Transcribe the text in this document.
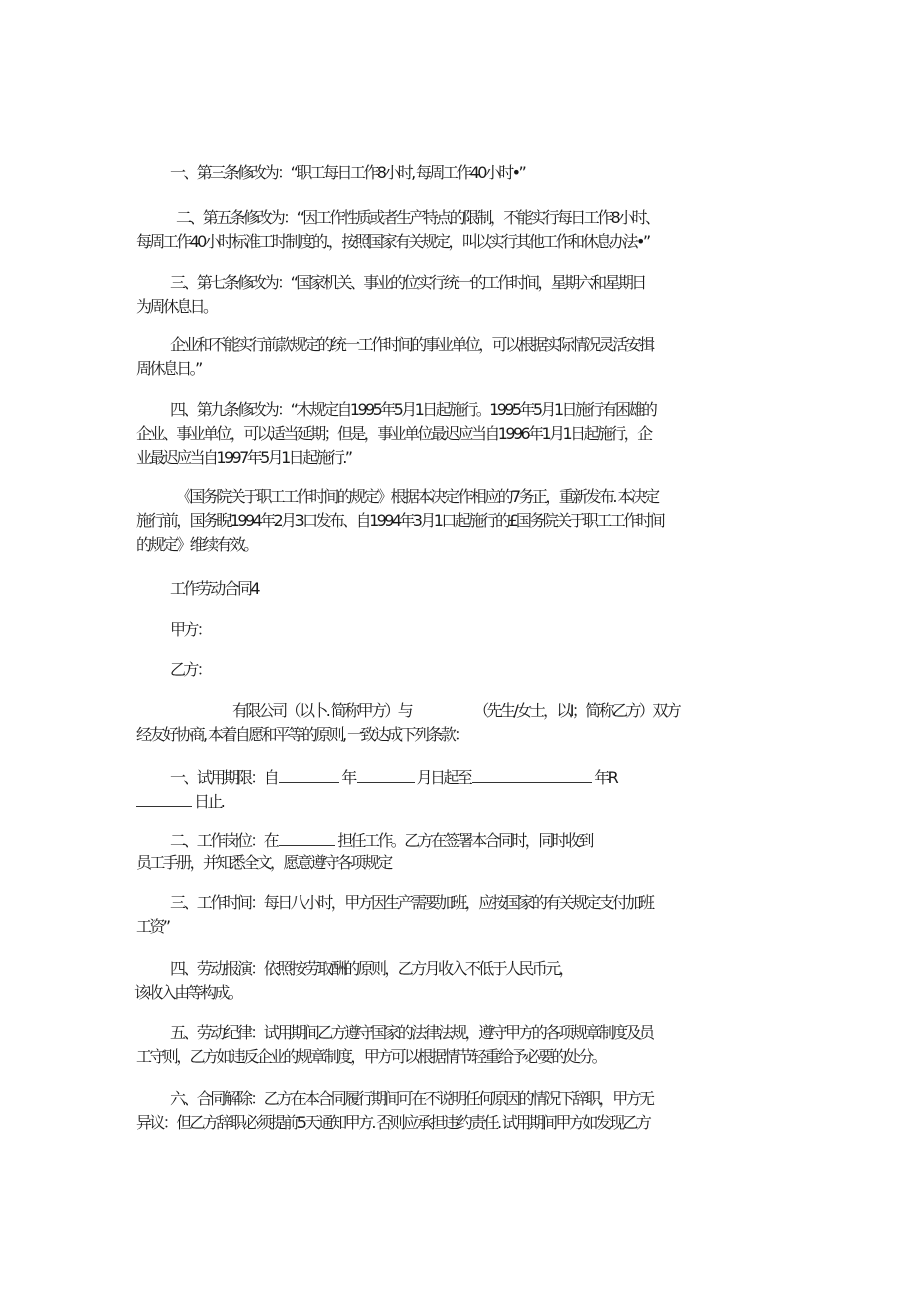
一、第三条修改为：“职工每日工作8小时, 每周工作40小时•”
二、第五条修改为：“因工作性质或者生产特点的限制，不能实行每日工作8小时、
每周工作40小时标准工时制度的.，按照国家有关规定，叫以实行其他工作和休息办法•”
三、第七条修改为：“国家机关、事业的位实行统一的工作时间，星期六和星期日
为周休息日。
企业和不能实行前款规定的统一工作时间的事业单位，可以根据实际情况灵活安揖
周休息日。”
四、第九条修改为：“木规定自1995年5月1日起施行。1995年5月1日施行有困雄的
企业、事业单位，可以适当延期；但是，事业单位最迟应当自1996年1月1日起施行，企
业最迟应当自1997年5月1日起施行.”
《国务院关于职工工作时间的规定》根据本决定作相应的7务正，重新发布. 本决定
施行前，国务睨1994年2月3口发布、自1994年3月1口起施行的£国务院关于职工工作时间
的规定》维续有效。
工作劳动合同4
甲方：
乙方：
有限公司（以卜. 简称甲方）与	（先生/女士，以I；简称乙方）双方
经友好协商, 本着自愿和平等的原则, 一致达成下列条款：
一、试用期限：自	年	月日起至	年R
日止.
二、工作岗位：在	担任工作。乙方在签署本合同时，同时收到
员工手册，并知悉全文，愿意遵守各项规定
三、工作时间：每日八小时，甲方因生产需要加班，应按国家的有关规定支付加班
工资”
四、劳动报演：依照按劳取酬的原则，乙方月收入不低于人民币元，
该收入由等构成。
五、劳动纪律：试用期间乙方遵守国家的法律法规，遵守甲方的各项规章制度及员
工守则，乙方如违反企业的规章制度，甲方可以根据情节轻重给予必要的处分。
六、合同解除：乙方在本合同履行期间可在不说明任何原因的情况下辞职，甲方无
异议：但乙方辞职必须提前5天通知甲方. 否则应承担违约责任. 试用期间甲方如发现乙方
